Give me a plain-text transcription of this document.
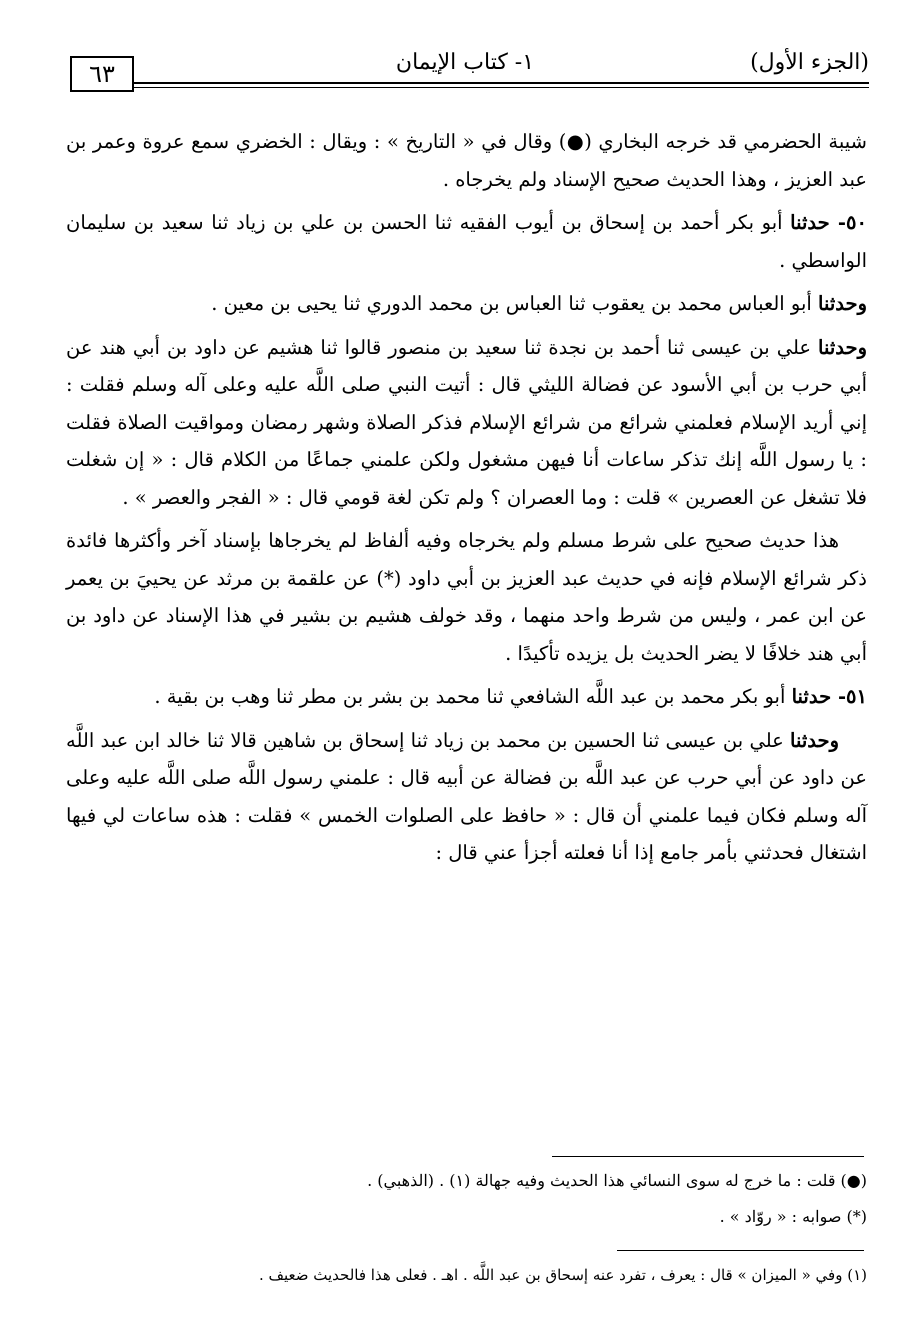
٦٣	١- كتاب الإيمان	(الجزء الأول)

شيبة الحضرمي قد خرجه البخاري (●) وقال في « التاريخ » : ويقال : الخضري سمع عروة وعمر بن عبد العزيز ، وهذا الحديث صحيح الإسناد ولم يخرجاه .

٥٠- حدثنا أبو بكر أحمد بن إسحاق بن أيوب الفقيه ثنا الحسن بن علي بن زياد ثنا سعيد بن سليمان الواسطي .

وحدثنا أبو العباس محمد بن يعقوب ثنا العباس بن محمد الدوري ثنا يحيى بن معين .

وحدثنا علي بن عيسى ثنا أحمد بن نجدة ثنا سعيد بن منصور قالوا ثنا هشيم عن داود بن أبي هند عن أبي حرب بن أبي الأسود عن فضالة الليثي قال : أتيت النبي صلى اللَّه عليه وعلى آله وسلم فقلت : إني أريد الإسلام فعلمني شرائع من شرائع الإسلام فذكر الصلاة وشهر رمضان ومواقيت الصلاة فقلت : يا رسول اللَّه إنك تذكر ساعات أنا فيهن مشغول ولكن علمني جماعًا من الكلام قال : « إن شغلت فلا تشغل عن العصرين » قلت : وما العصران ؟ ولم تكن لغة قومي قال : « الفجر والعصر » .

هذا حديث صحيح على شرط مسلم ولم يخرجاه وفيه ألفاظ لم يخرجاها بإسناد آخر وأكثرها فائدة ذكر شرائع الإسلام فإنه في حديث عبد العزيز بن أبي داود (*) عن علقمة بن مرثد عن يحييَ بن يعمر عن ابن عمر ، وليس من شرط واحد منهما ، وقد خولف هشيم بن بشير في هذا الإسناد عن داود بن أبي هند خلافًا لا يضر الحديث بل يزيده تأكيدًا .

٥١- حدثنا أبو بكر محمد بن عبد اللَّه الشافعي ثنا محمد بن بشر بن مطر ثنا وهب بن بقية .

وحدثنا علي بن عيسى ثنا الحسين بن محمد بن زياد ثنا إسحاق بن شاهين قالا ثنا خالد ابن عبد اللَّه عن داود عن أبي حرب عن عبد اللَّه بن فضالة عن أبيه قال : علمني رسول اللَّه صلى اللَّه عليه وعلى آله وسلم فكان فيما علمني أن قال : « حافظ على الصلوات الخمس » فقلت : هذه ساعات لي فيها اشتغال فحدثني بأمر جامع إذا أنا فعلته أجزأ عني قال :

(●) قلت : ما خرج له سوى النسائي هذا الحديث وفيه جهالة (١) . (الذهبي) .
(*) صوابه : « روّاد » .
(١) وفي « الميزان » قال : يعرف ، تفرد عنه إسحاق بن عبد اللَّه . اهـ . فعلى هذا فالحديث ضعيف .
